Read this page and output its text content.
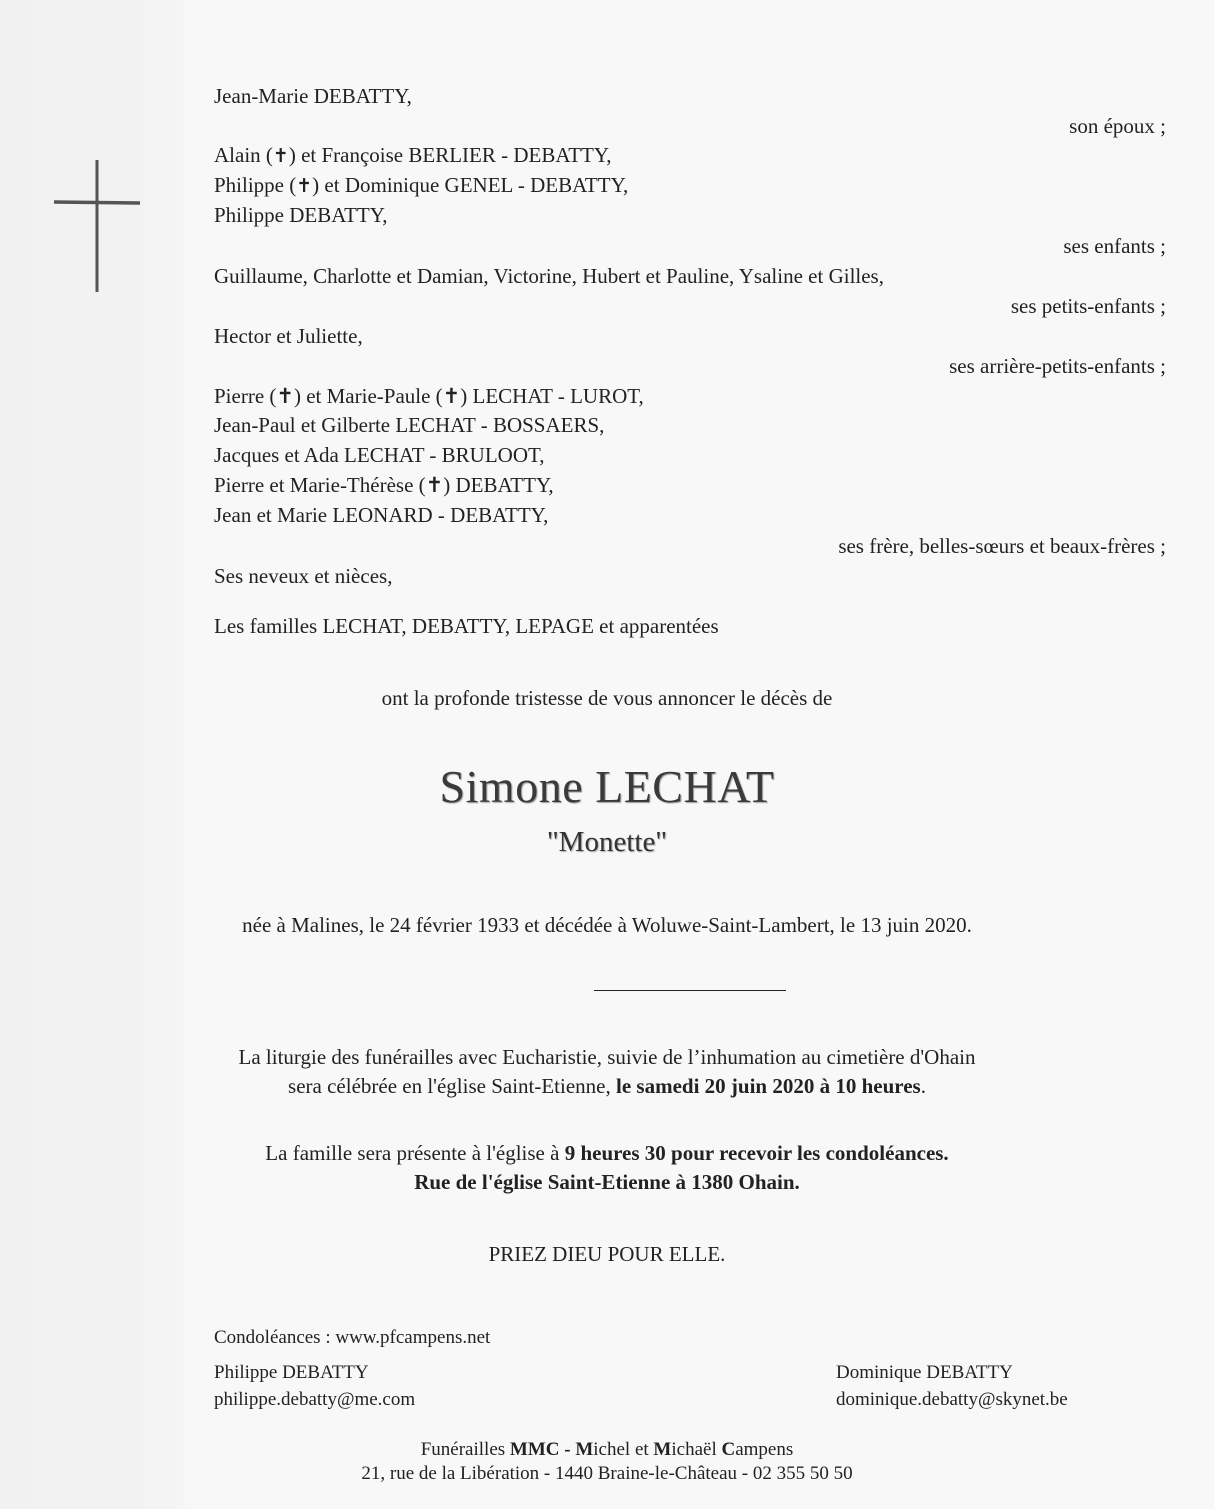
Jean-Marie DEBATTY,
son époux ;
Alain (✝) et Françoise BERLIER - DEBATTY,
Philippe (✝) et Dominique GENEL - DEBATTY,
Philippe DEBATTY,
ses enfants ;
Guillaume, Charlotte et Damian, Victorine, Hubert et Pauline, Ysaline et Gilles,
ses petits-enfants ;
Hector et Juliette,
ses arrière-petits-enfants ;
Pierre (✝) et Marie-Paule (✝) LECHAT - LUROT,
Jean-Paul et Gilberte LECHAT - BOSSAERS,
Jacques et Ada LECHAT - BRULOOT,
Pierre et Marie-Thérèse (✝) DEBATTY,
Jean et Marie LEONARD - DEBATTY,
ses frère, belles-sœurs et beaux-frères ;
Ses neveux et nièces,
Les familles LECHAT, DEBATTY, LEPAGE et apparentées
ont la profonde tristesse de vous annoncer le décès de
Simone LECHAT
"Monette"
née à Malines, le 24 février 1933 et décédée à Woluwe-Saint-Lambert, le 13 juin 2020.
La liturgie des funérailles avec Eucharistie, suivie de l’inhumation au cimetière d'Ohain
sera célébrée en l'église Saint-Etienne, le samedi 20 juin 2020 à 10 heures.
La famille sera présente à l'église à 9 heures 30 pour recevoir les condoléances.
Rue de l'église Saint-Etienne à 1380 Ohain.
PRIEZ DIEU POUR ELLE.
Condoléances : www.pfcampens.net
Philippe DEBATTY
philippe.debatty@me.com
Dominique DEBATTY
dominique.debatty@skynet.be
Funérailles MMC - Michel et Michaël Campens
21, rue de la Libération - 1440 Braine-le-Château - 02 355 50 50
